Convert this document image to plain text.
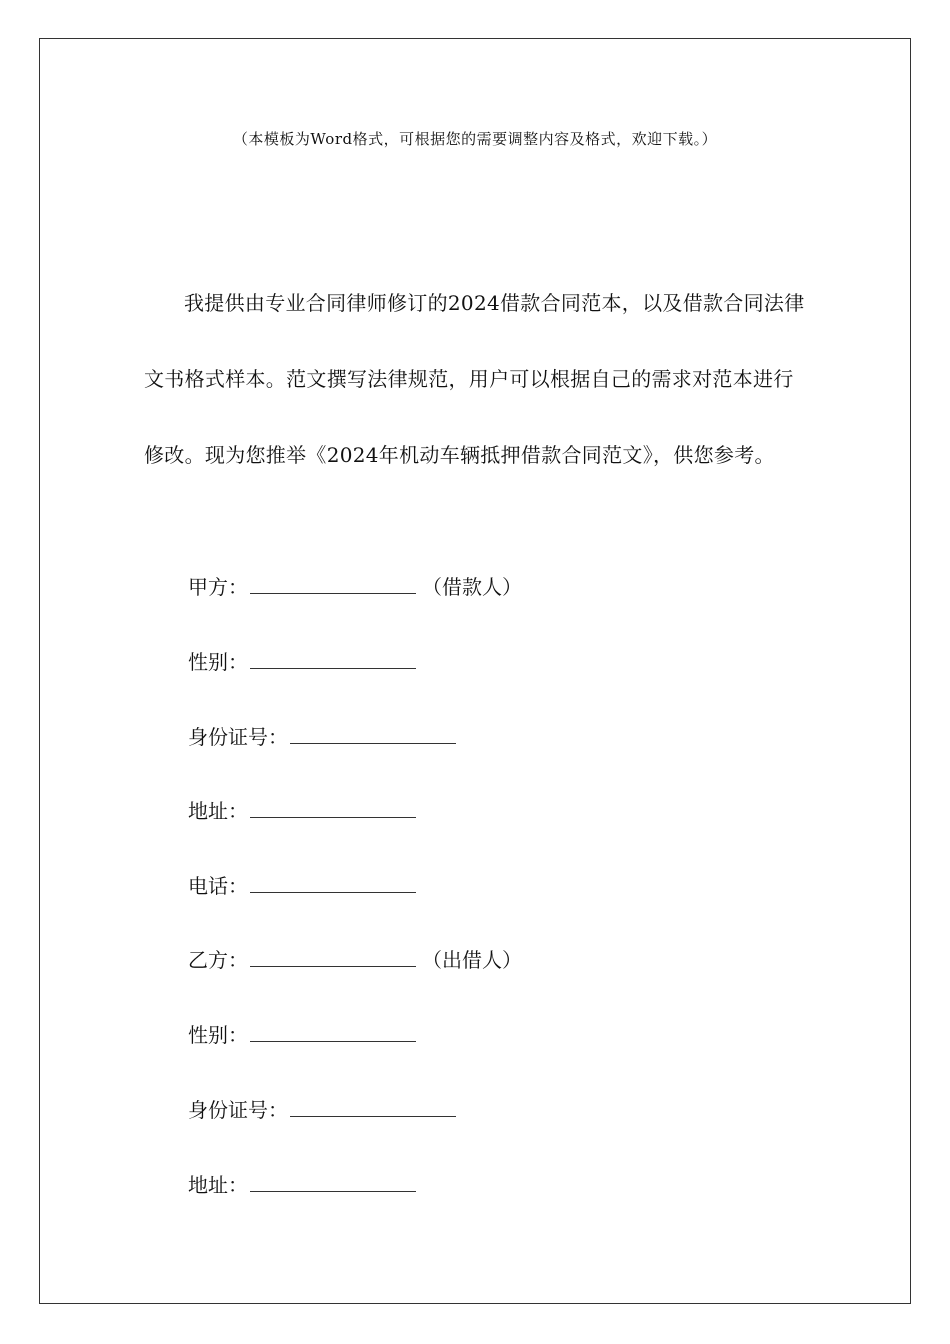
（本模板为Word格式，可根据您的需要调整内容及格式，欢迎下载。）

我提供由专业合同律师修订的2024借款合同范本，以及借款合同法律文书格式样本。范文撰写法律规范，用户可以根据自己的需求对范本进行修改。现为您推举《2024年机动车辆抵押借款合同范文》，供您参考。

甲方：	（借款人）
性别：
身份证号：
地址：
电话：
乙方：	（出借人）
性别：
身份证号：
地址：
